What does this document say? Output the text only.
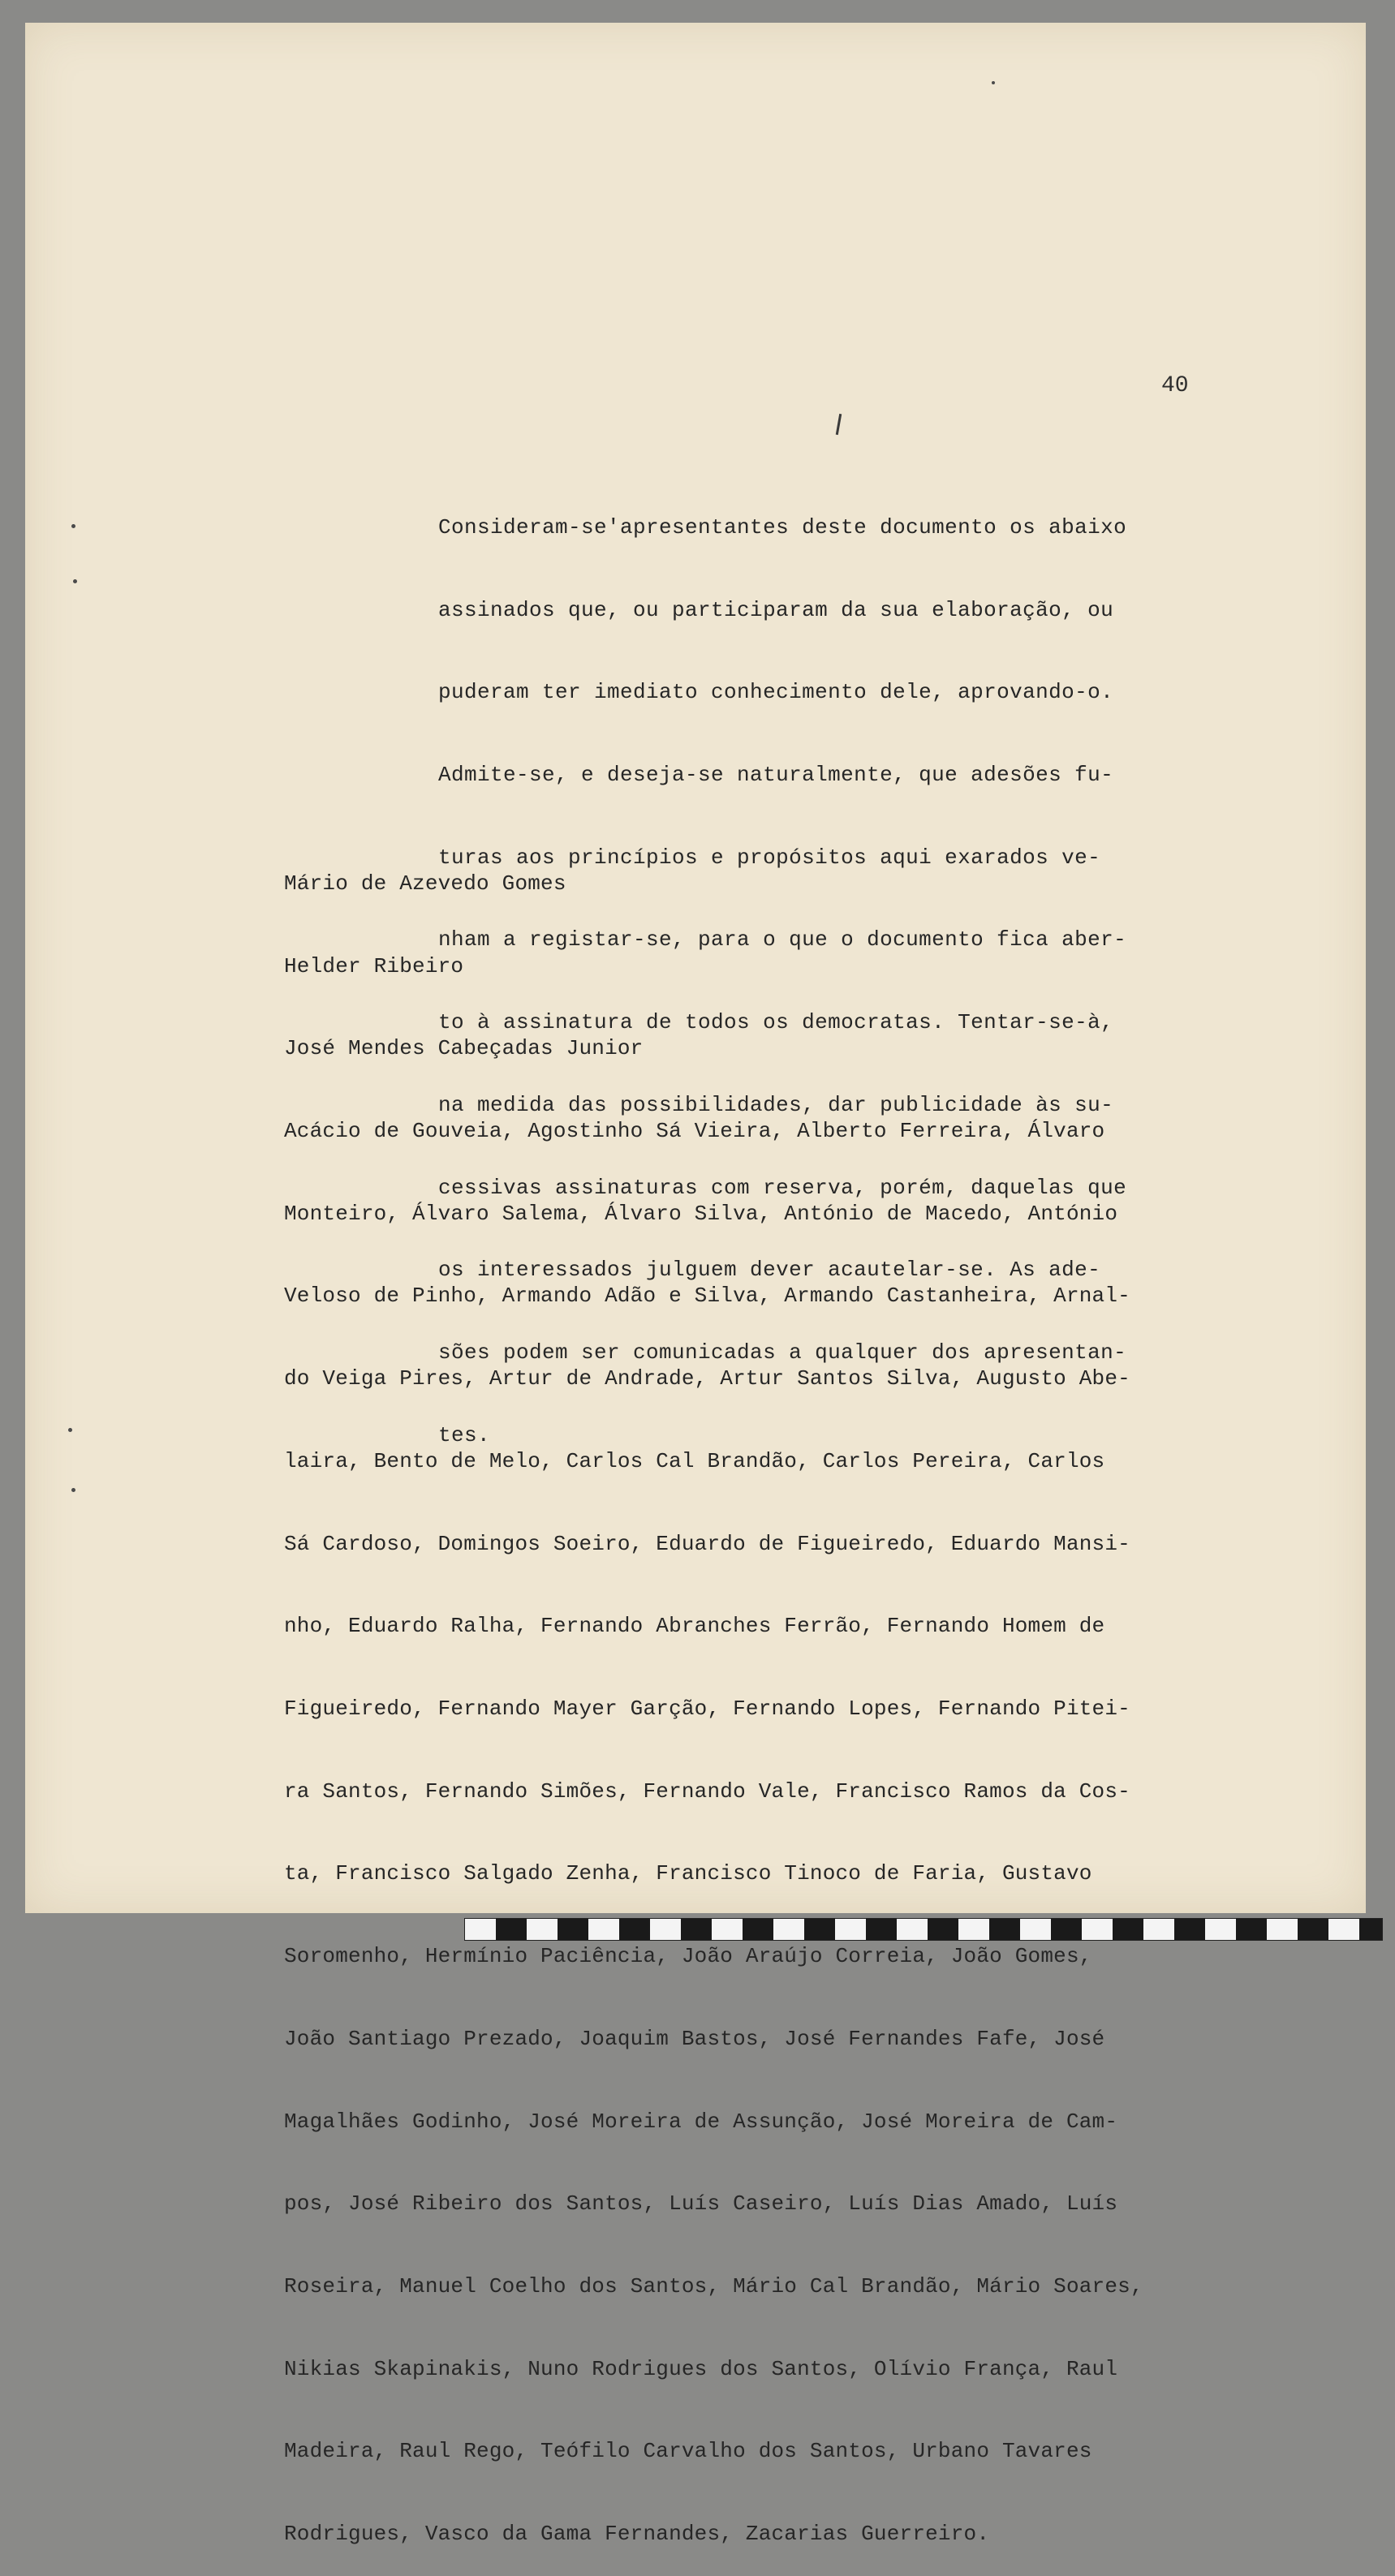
40

Consideram-se'apresentantes deste documento os abaixo

assinados que, ou participaram da sua elaboração, ou

puderam ter imediato conhecimento dele, aprovando-o.

Admite-se, e deseja-se naturalmente, que adesões fu-

turas aos princípios e propósitos aqui exarados ve-

nham a registar-se, para o que o documento fica aber-

to à assinatura de todos os democratas. Tentar-se-à,

na medida das possibilidades, dar publicidade às su-

cessivas assinaturas com reserva, porém, daquelas que

os interessados julguem dever acautelar-se. As ade-

sões podem ser comunicadas a qualquer dos apresentan-

tes.

Mário de Azevedo Gomes

Helder Ribeiro

José Mendes Cabeçadas Junior

Acácio de Gouveia, Agostinho Sá Vieira, Alberto Ferreira, Álvaro

Monteiro, Álvaro Salema, Álvaro Silva, António de Macedo, António

Veloso de Pinho, Armando Adão e Silva, Armando Castanheira, Arnal-

do Veiga Pires, Artur de Andrade, Artur Santos Silva, Augusto Abe-

laira, Bento de Melo, Carlos Cal Brandão, Carlos Pereira, Carlos

Sá Cardoso, Domingos Soeiro, Eduardo de Figueiredo, Eduardo Mansi-

nho, Eduardo Ralha, Fernando Abranches Ferrão, Fernando Homem de

Figueiredo, Fernando Mayer Garção, Fernando Lopes, Fernando Pitei-

ra Santos, Fernando Simões, Fernando Vale, Francisco Ramos da Cos-

ta, Francisco Salgado Zenha, Francisco Tinoco de Faria, Gustavo

Soromenho, Hermínio Paciência, João Araújo Correia, João Gomes,

João Santiago Prezado, Joaquim Bastos, José Fernandes Fafe, José

Magalhães Godinho, José Moreira de Assunção, José Moreira de Cam-

pos, José Ribeiro dos Santos, Luís Caseiro, Luís Dias Amado, Luís

Roseira, Manuel Coelho dos Santos, Mário Cal Brandão, Mário Soares,

Nikias Skapinakis, Nuno Rodrigues dos Santos, Olívio França, Raul

Madeira, Raul Rego, Teófilo Carvalho dos Santos, Urbano Tavares

Rodrigues, Vasco da Gama Fernandes, Zacarias Guerreiro.
